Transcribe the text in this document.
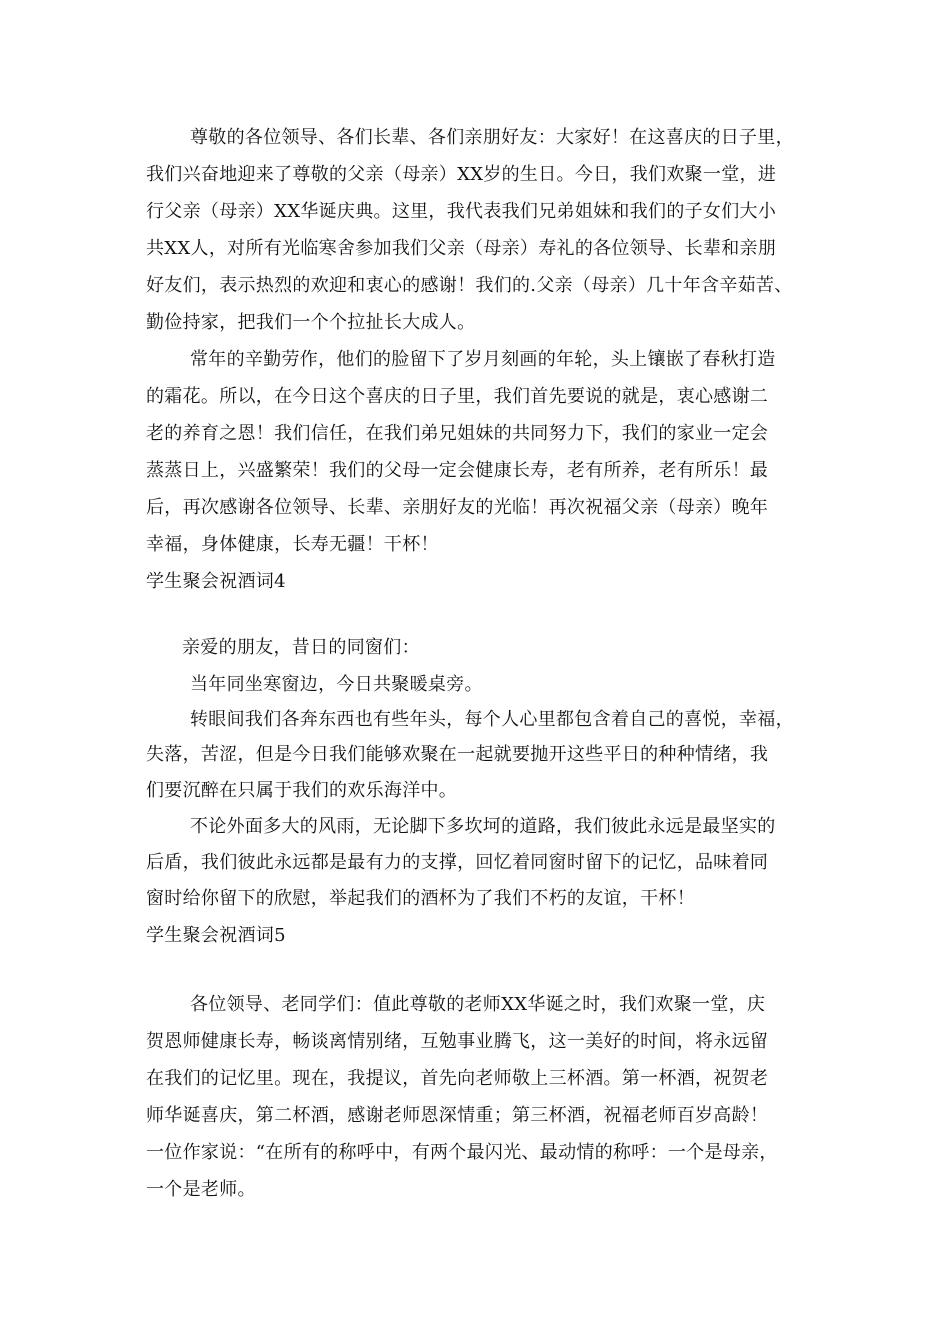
尊敬的各位领导、各们长辈、各们亲朋好友：大家好！在这喜庆的日子里，
我们兴奋地迎来了尊敬的父亲（母亲）XX岁的生日。今日，我们欢聚一堂，进
行父亲（母亲）XX华诞庆典。这里，我代表我们兄弟姐妹和我们的子女们大小
共XX人，对所有光临寒舍参加我们父亲（母亲）寿礼的各位领导、长辈和亲朋
好友们，表示热烈的欢迎和衷心的感谢！我们的.父亲（母亲）几十年含辛茹苦、
勤俭持家，把我们一个个拉扯长大成人。
常年的辛勤劳作，他们的脸留下了岁月刻画的年轮，头上镶嵌了春秋打造
的霜花。所以，在今日这个喜庆的日子里，我们首先要说的就是，衷心感谢二
老的养育之恩！我们信任，在我们弟兄姐妹的共同努力下，我们的家业一定会
蒸蒸日上，兴盛繁荣！我们的父母一定会健康长寿，老有所养，老有所乐！最
后，再次感谢各位领导、长辈、亲朋好友的光临！再次祝福父亲（母亲）晚年
幸福，身体健康，长寿无疆！干杯！
学生聚会祝酒词4
亲爱的朋友，昔日的同窗们：
当年同坐寒窗边，今日共聚暖桌旁。
转眼间我们各奔东西也有些年头，每个人心里都包含着自己的喜悦，幸福，
失落，苦涩，但是今日我们能够欢聚在一起就要抛开这些平日的种种情绪，我
们要沉醉在只属于我们的欢乐海洋中。
不论外面多大的风雨，无论脚下多坎坷的道路，我们彼此永远是最坚实的
后盾，我们彼此永远都是最有力的支撑，回忆着同窗时留下的记忆，品味着同
窗时给你留下的欣慰，举起我们的酒杯为了我们不朽的友谊，干杯！
学生聚会祝酒词5
各位领导、老同学们：值此尊敬的老师XX华诞之时，我们欢聚一堂，庆
贺恩师健康长寿，畅谈离情别绪，互勉事业腾飞，这一美好的时间，将永远留
在我们的记忆里。现在，我提议，首先向老师敬上三杯酒。第一杯酒，祝贺老
师华诞喜庆，第二杯酒，感谢老师恩深情重；第三杯酒，祝福老师百岁高龄！
一位作家说：“在所有的称呼中，有两个最闪光、最动情的称呼：一个是母亲，
一个是老师。
